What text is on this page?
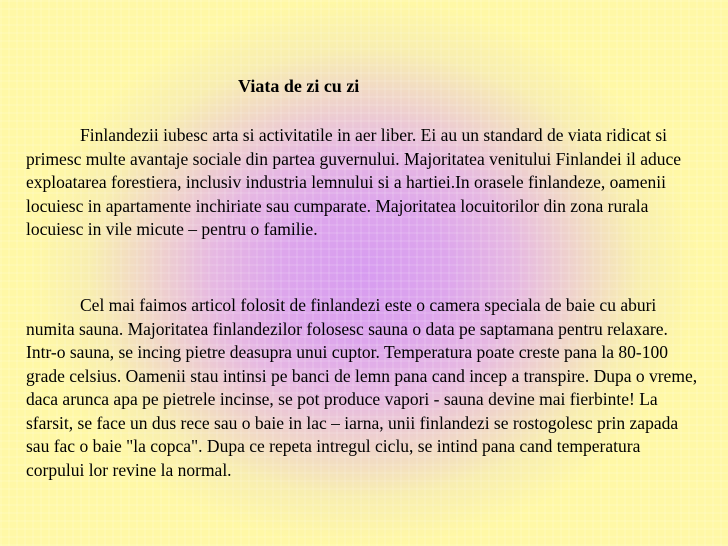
Viata de zi cu zi

Finlandezii iubesc arta si activitatile in aer liber. Ei au un standard de viata ridicat si primesc multe avantaje sociale din partea guvernului. Majoritatea venitului Finlandei il aduce exploatarea forestiera, inclusiv industria lemnului si a hartiei.In orasele finlandeze, oamenii locuiesc in apartamente inchiriate sau cumparate. Majoritatea locuitorilor din zona rurala locuiesc in vile micute – pentru o familie.

Cel mai faimos articol folosit de finlandezi este o camera speciala de baie cu aburi numita sauna. Majoritatea finlandezilor folosesc sauna o data pe saptamana pentru relaxare. Intr-o sauna, se incing pietre deasupra unui cuptor. Temperatura poate creste pana la 80-100 grade celsius. Oamenii stau intinsi pe banci de lemn pana cand incep a transpire. Dupa o vreme, daca arunca apa pe pietrele incinse, se pot produce vapori - sauna devine mai fierbinte! La sfarsit, se face un dus rece sau o baie in lac – iarna, unii finlandezi se rostogolesc prin zapada sau fac o baie "la copca". Dupa ce repeta intregul ciclu, se intind pana cand temperatura corpului lor revine la normal.
